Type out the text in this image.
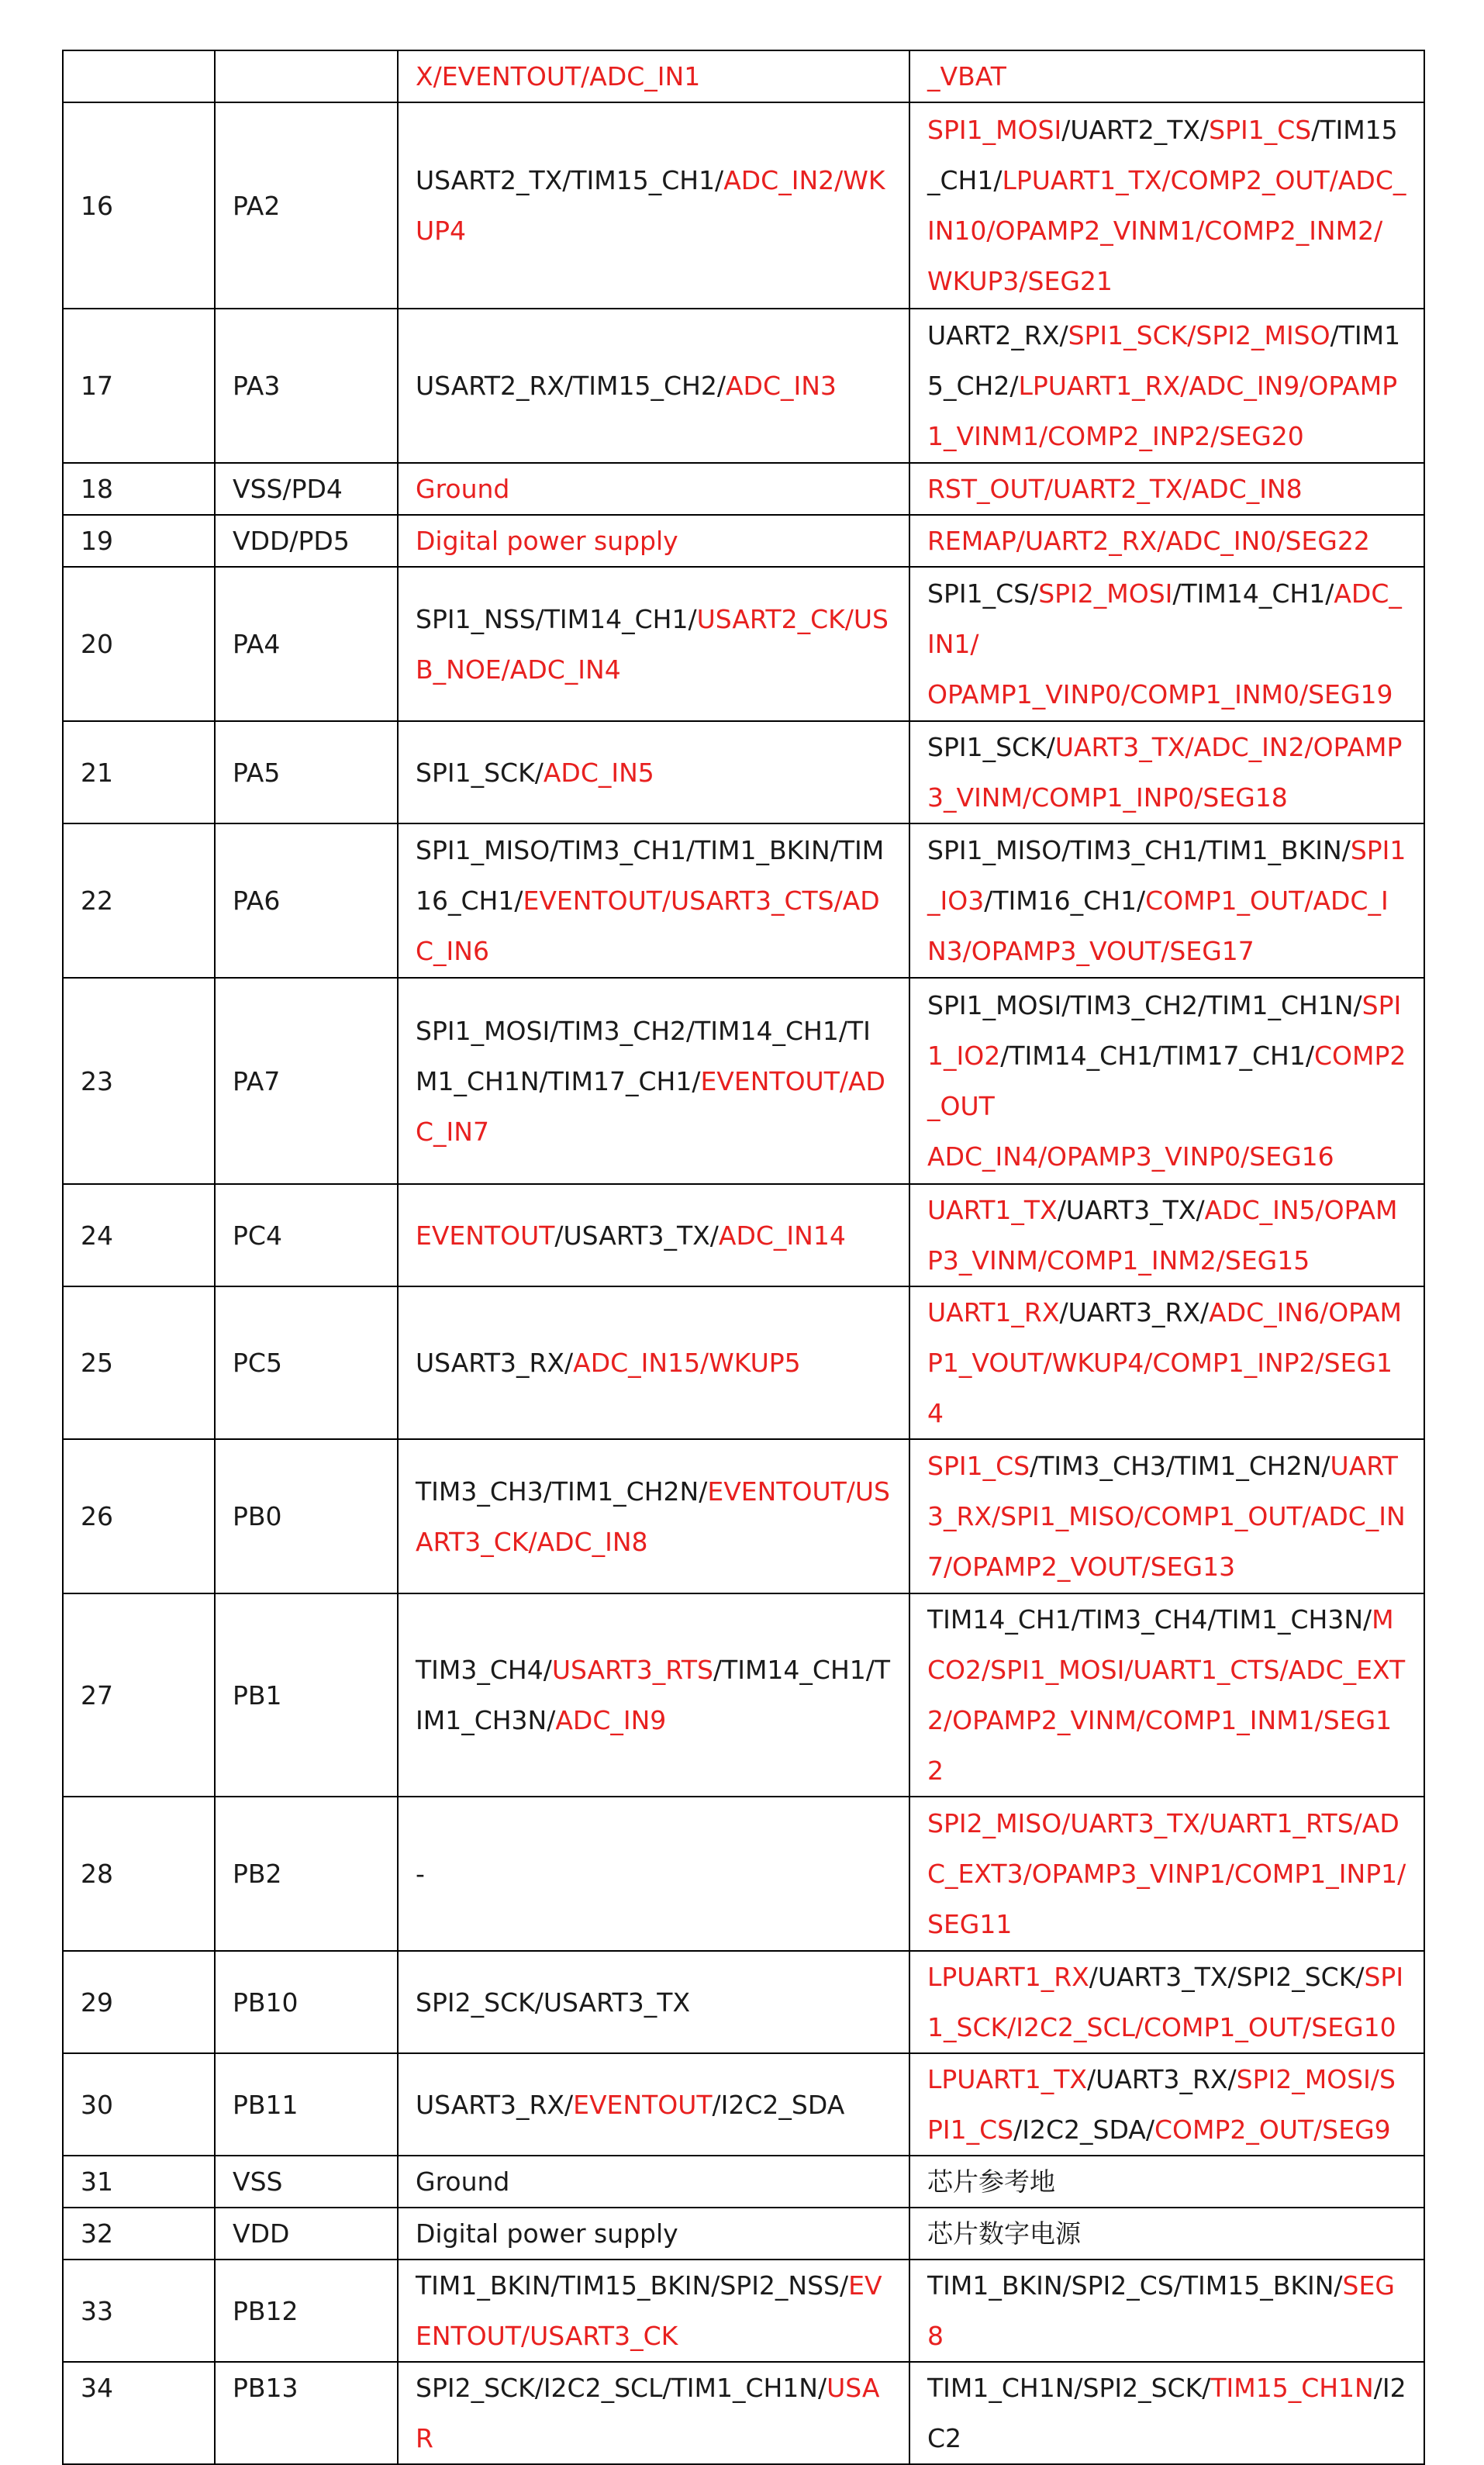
		X/EVENTOUT/ADC_IN1	_VBAT
16	PA2	USART2_TX/TIM15_CH1/ADC_IN2/WKUP4	SPI1_MOSI/UART2_TX/SPI1_CS/TIM15_CH1/LPUART1_TX/COMP2_OUT/ADC_IN10/OPAMP2_VINM1/COMP2_INM2/WKUP3/SEG21
17	PA3	USART2_RX/TIM15_CH2/ADC_IN3	UART2_RX/SPI1_SCK/SPI2_MISO/TIM15_CH2/LPUART1_RX/ADC_IN9/OPAMP1_VINM1/COMP2_INP2/SEG20
18	VSS/PD4	Ground	RST_OUT/UART2_TX/ADC_IN8
19	VDD/PD5	Digital power supply	REMAP/UART2_RX/ADC_IN0/SEG22
20	PA4	SPI1_NSS/TIM14_CH1/USART2_CK/USB_NOE/ADC_IN4	SPI1_CS/SPI2_MOSI/TIM14_CH1/ADC_IN1/
OPAMP1_VINP0/COMP1_INM0/SEG19
21	PA5	SPI1_SCK/ADC_IN5	SPI1_SCK/UART3_TX/ADC_IN2/OPAMP3_VINM/COMP1_INP0/SEG18
22	PA6	SPI1_MISO/TIM3_CH1/TIM1_BKIN/TIM16_CH1/EVENTOUT/USART3_CTS/ADC_IN6	SPI1_MISO/TIM3_CH1/TIM1_BKIN/SPI1_IO3/TIM16_CH1/COMP1_OUT/ADC_IN3/OPAMP3_VOUT/SEG17
23	PA7	SPI1_MOSI/TIM3_CH2/TIM14_CH1/TIM1_CH1N/TIM17_CH1/EVENTOUT/ADC_IN7	SPI1_MOSI/TIM3_CH2/TIM1_CH1N/SPI1_IO2/TIM14_CH1/TIM17_CH1/COMP2_OUT
ADC_IN4/OPAMP3_VINP0/SEG16
24	PC4	EVENTOUT/USART3_TX/ADC_IN14	UART1_TX/UART3_TX/ADC_IN5/OPAMP3_VINM/COMP1_INM2/SEG15
25	PC5	USART3_RX/ADC_IN15/WKUP5	UART1_RX/UART3_RX/ADC_IN6/OPAMP1_VOUT/WKUP4/COMP1_INP2/SEG14
26	PB0	TIM3_CH3/TIM1_CH2N/EVENTOUT/USART3_CK/ADC_IN8	SPI1_CS/TIM3_CH3/TIM1_CH2N/UART3_RX/SPI1_MISO/COMP1_OUT/ADC_IN7/OPAMP2_VOUT/SEG13
27	PB1	TIM3_CH4/USART3_RTS/TIM14_CH1/TIM1_CH3N/ADC_IN9	TIM14_CH1/TIM3_CH4/TIM1_CH3N/MCO2/SPI1_MOSI/UART1_CTS/ADC_EXT2/OPAMP2_VINM/COMP1_INM1/SEG12
28	PB2	-	SPI2_MISO/UART3_TX/UART1_RTS/ADC_EXT3/OPAMP3_VINP1/COMP1_INP1/SEG11
29	PB10	SPI2_SCK/USART3_TX	LPUART1_RX/UART3_TX/SPI2_SCK/SPI1_SCK/I2C2_SCL/COMP1_OUT/SEG10
30	PB11	USART3_RX/EVENTOUT/I2C2_SDA	LPUART1_TX/UART3_RX/SPI2_MOSI/SPI1_CS/I2C2_SDA/COMP2_OUT/SEG9
31	VSS	Ground	芯片参考地
32	VDD	Digital power supply	芯片数字电源
33	PB12	TIM1_BKIN/TIM15_BKIN/SPI2_NSS/EVENTOUT/USART3_CK	TIM1_BKIN/SPI2_CS/TIM15_BKIN/SEG8
34	PB13	SPI2_SCK/I2C2_SCL/TIM1_CH1N/USAR	TIM1_CH1N/SPI2_SCK/TIM15_CH1N/I2C2
